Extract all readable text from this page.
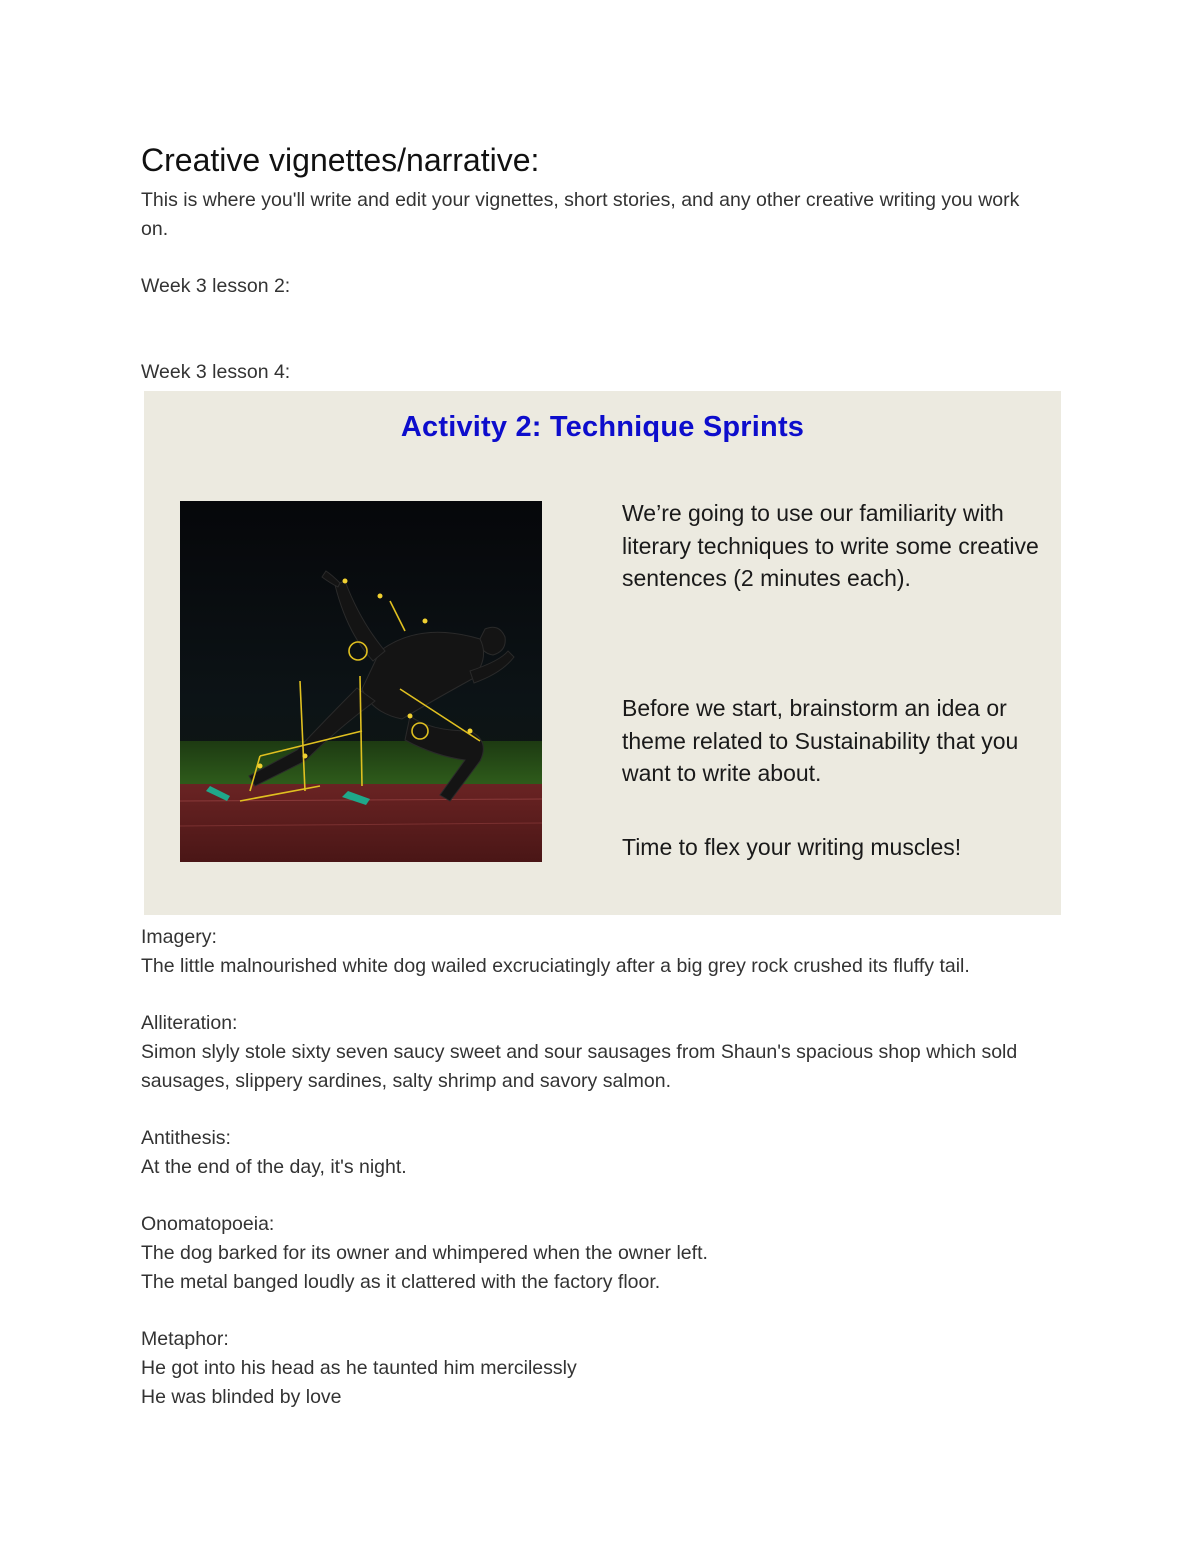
Creative vignettes/narrative:

This is where you'll write and edit your vignettes, short stories, and any other creative writing you work on.

Week 3 lesson 2:

Week 3 lesson 4:

Activity 2: Technique Sprints
We’re going to use our familiarity with literary techniques to write some creative sentences (2 minutes each).
Before we start, brainstorm an idea or theme related to Sustainability that you want to write about.
Time to flex your writing muscles!

Imagery:

The little malnourished white dog wailed excruciatingly after a big grey rock crushed its fluffy tail.

Alliteration:

Simon slyly stole sixty seven saucy sweet and sour sausages from Shaun's spacious shop which sold sausages, slippery sardines, salty shrimp and savory salmon.

Antithesis:

At the end of the day, it's night.

Onomatopoeia:

The dog barked for its owner and whimpered when the owner left.

The metal banged loudly as it clattered with the factory floor.

Metaphor:

He got into his head as he taunted him mercilessly

He was blinded by love
